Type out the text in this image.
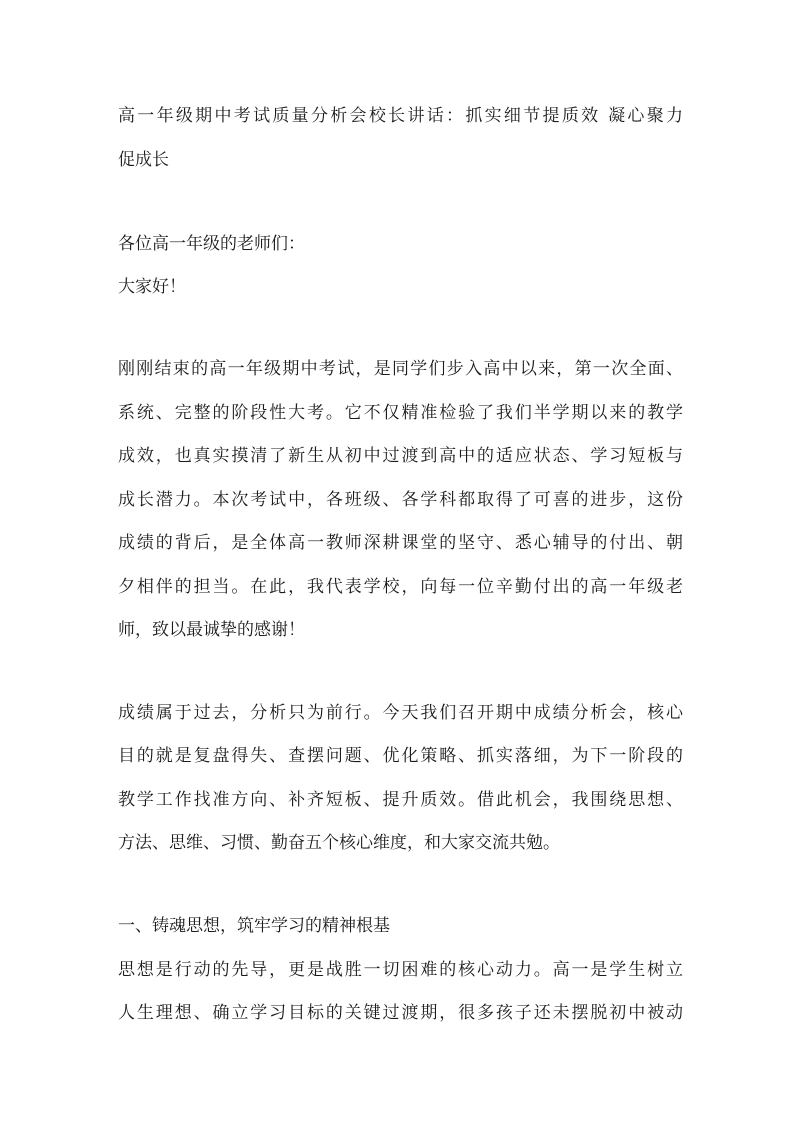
高一年级期中考试质量分析会校长讲话：抓实细节提质效 凝心聚力
促成长
各位高一年级的老师们：
大家好！
刚刚结束的高一年级期中考试，是同学们步入高中以来，第一次全面、
系统、完整的阶段性大考。它不仅精准检验了我们半学期以来的教学
成效，也真实摸清了新生从初中过渡到高中的适应状态、学习短板与
成长潜力。本次考试中，各班级、各学科都取得了可喜的进步，这份
成绩的背后，是全体高一教师深耕课堂的坚守、悉心辅导的付出、朝
夕相伴的担当。在此，我代表学校，向每一位辛勤付出的高一年级老
师，致以最诚挚的感谢！
成绩属于过去，分析只为前行。今天我们召开期中成绩分析会，核心
目的就是复盘得失、查摆问题、优化策略、抓实落细，为下一阶段的
教学工作找准方向、补齐短板、提升质效。借此机会，我围绕思想、
方法、思维、习惯、勤奋五个核心维度，和大家交流共勉。
一、铸魂思想，筑牢学习的精神根基
思想是行动的先导，更是战胜一切困难的核心动力。高一是学生树立
人生理想、确立学习目标的关键过渡期，很多孩子还未摆脱初中被动
